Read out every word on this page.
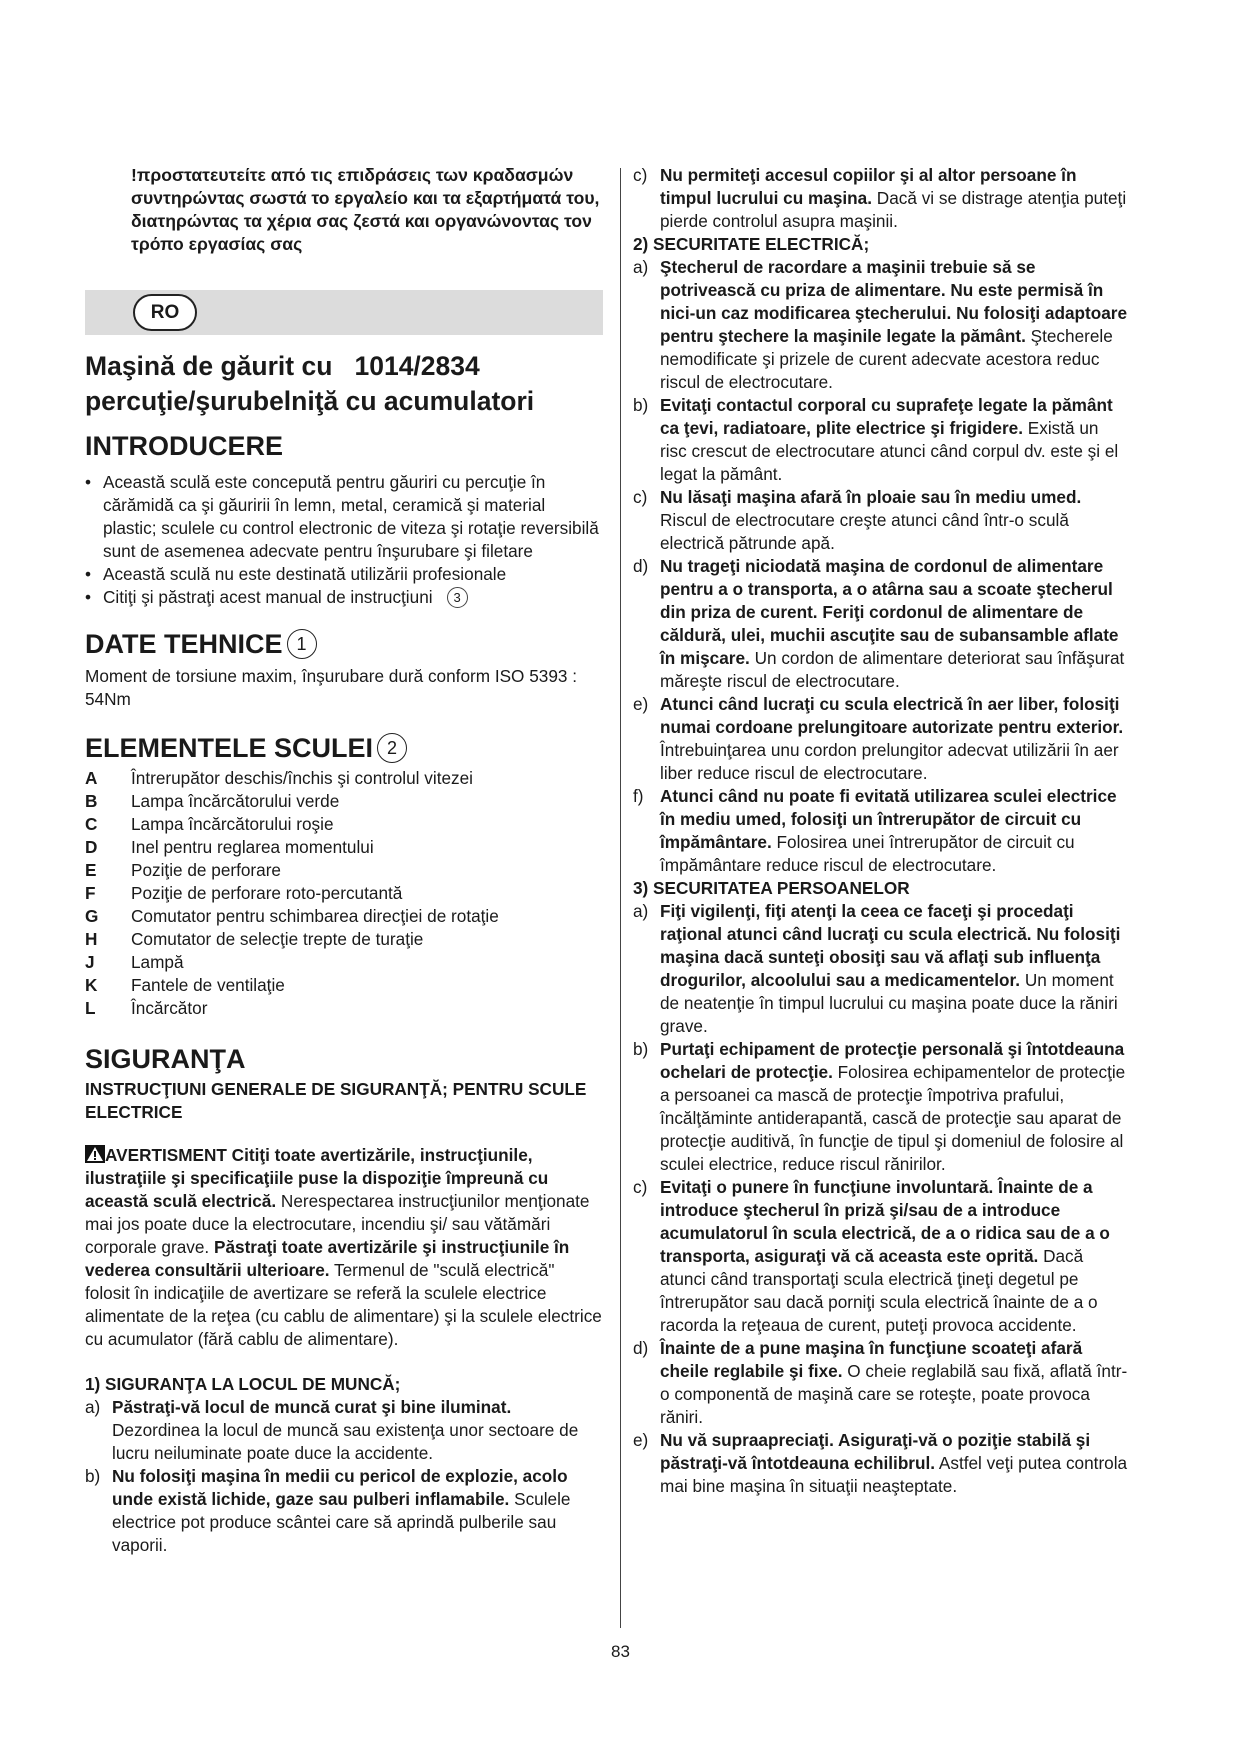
!προστατευτείτε από τις επιδράσεις των κραδασμών συντηρώντας σωστά το εργαλείο και τα εξαρτήματά του, διατηρώντας τα χέρια σας ζεστά και οργανώνοντας τον τρόπο εργασίας σας
RO
Maşină de găurit cu 1014/2834
percuţie/şurubelniţă cu acumulatori
INTRODUCERE
• Această sculă este concepută pentru găuriri cu percuţie în cărămidă ca şi găuririi în lemn, metal, ceramică şi material plastic; sculele cu control electronic de viteza şi rotaţie reversibilă sunt de asemenea adecvate pentru înşurubare şi filetare
• Această sculă nu este destinată utilizării profesionale
• Citiţi şi păstraţi acest manual de instrucţiuni 3
DATE TEHNICE 1
Moment de torsiune maxim, înşurubare dură conform ISO 5393 : 54Nm
ELEMENTELE SCULEI 2
A	Întrerupător deschis/închis şi controlul vitezei
B	Lampa încărcătorului verde
C	Lampa încărcătorului roşie
D	Inel pentru reglarea momentului
E	Poziţie de perforare
F	Poziţie de perforare roto-percutantă
G	Comutator pentru schimbarea direcţiei de rotaţie
H	Comutator de selecţie trepte de turaţie
J	Lampă
K	Fantele de ventilaţie
L	Încărcător
SIGURANŢA
INSTRUCŢIUNI GENERALE DE SIGURANŢĂ; PENTRU SCULE ELECTRICE
AVERTISMENT Citiţi toate avertizările, instrucţiunile, ilustraţiile şi specificaţiile puse la dispoziţie împreună cu această sculă electrică. Nerespectarea instrucţiunilor menţionate mai jos poate duce la electrocutare, incendiu şi/ sau vătămări corporale grave. Păstraţi toate avertizările şi instrucţiunile în vederea consultării ulterioare. Termenul de "sculă electrică" folosit în indicaţiile de avertizare se referă la sculele electrice alimentate de la reţea (cu cablu de alimentare) şi la sculele electrice cu acumulator (fără cablu de alimentare).
1) SIGURANŢA LA LOCUL DE MUNCĂ;
a) Păstraţi-vă locul de muncă curat şi bine iluminat. Dezordinea la locul de muncă sau existenţa unor sectoare de lucru neiluminate poate duce la accidente.
b) Nu folosiţi maşina în medii cu pericol de explozie, acolo unde există lichide, gaze sau pulberi inflamabile. Sculele electrice pot produce scântei care să aprindă pulberile sau vaporii.
c) Nu permiteţi accesul copiilor şi al altor persoane în timpul lucrului cu maşina. Dacă vi se distrage atenţia puteţi pierde controlul asupra maşinii.
2) SECURITATE ELECTRICĂ;
a) Ştecherul de racordare a maşinii trebuie să se potrivească cu priza de alimentare. Nu este permisă în nici-un caz modificarea ştecherului. Nu folosiţi adaptoare pentru ştechere la maşinile legate la pământ. Ştecherele nemodificate şi prizele de curent adecvate acestora reduc riscul de electrocutare.
b) Evitaţi contactul corporal cu suprafeţe legate la pământ ca ţevi, radiatoare, plite electrice şi frigidere. Există un risc crescut de electrocutare atunci când corpul dv. este şi el legat la pământ.
c) Nu lăsaţi maşina afară în ploaie sau în mediu umed. Riscul de electrocutare creşte atunci când într-o sculă electrică pătrunde apă.
d) Nu trageţi niciodată maşina de cordonul de alimentare pentru a o transporta, a o atârna sau a scoate ştecherul din priza de curent. Feriţi cordonul de alimentare de căldură, ulei, muchii ascuţite sau de subansamble aflate în mişcare. Un cordon de alimentare deteriorat sau înfăşurat măreşte riscul de electrocutare.
e) Atunci când lucraţi cu scula electrică în aer liber, folosiţi numai cordoane prelungitoare autorizate pentru exterior. Întrebuinţarea unu cordon prelungitor adecvat utilizării în aer liber reduce riscul de electrocutare.
f) Atunci când nu poate fi evitată utilizarea sculei electrice în mediu umed, folosiţi un întrerupător de circuit cu împământare. Folosirea unei întrerupător de circuit cu împământare reduce riscul de electrocutare.
3) SECURITATEA PERSOANELOR
a) Fiţi vigilenţi, fiţi atenţi la ceea ce faceţi şi procedaţi raţional atunci când lucraţi cu scula electrică. Nu folosiţi maşina dacă sunteţi obosiţi sau vă aflaţi sub influenţa drogurilor, alcoolului sau a medicamentelor. Un moment de neatenţie în timpul lucrului cu maşina poate duce la răniri grave.
b) Purtaţi echipament de protecţie personală şi întotdeauna ochelari de protecţie. Folosirea echipamentelor de protecţie a persoanei ca mască de protecţie împotriva prafului, încălţăminte antiderapantă, cască de protecţie sau aparat de protecţie auditivă, în funcţie de tipul şi domeniul de folosire al sculei electrice, reduce riscul rănirilor.
c) Evitaţi o punere în funcţiune involuntară. Înainte de a introduce ştecherul în priză şi/sau de a introduce acumulatorul în scula electrică, de a o ridica sau de a o transporta, asiguraţi vă că aceasta este oprită. Dacă atunci când transportaţi scula electrică ţineţi degetul pe întrerupător sau dacă porniţi scula electrică înainte de a o racorda la reţeaua de curent, puteţi provoca accidente.
d) Înainte de a pune maşina în funcţiune scoateţi afară cheile reglabile şi fixe. O cheie reglabilă sau fixă, aflată într-o componentă de maşină care se roteşte, poate provoca răniri.
e) Nu vă supraapreciaţi. Asiguraţi-vă o poziţie stabilă şi păstraţi-vă întotdeauna echilibrul. Astfel veţi putea controla mai bine maşina în situaţii neaşteptate.
83
